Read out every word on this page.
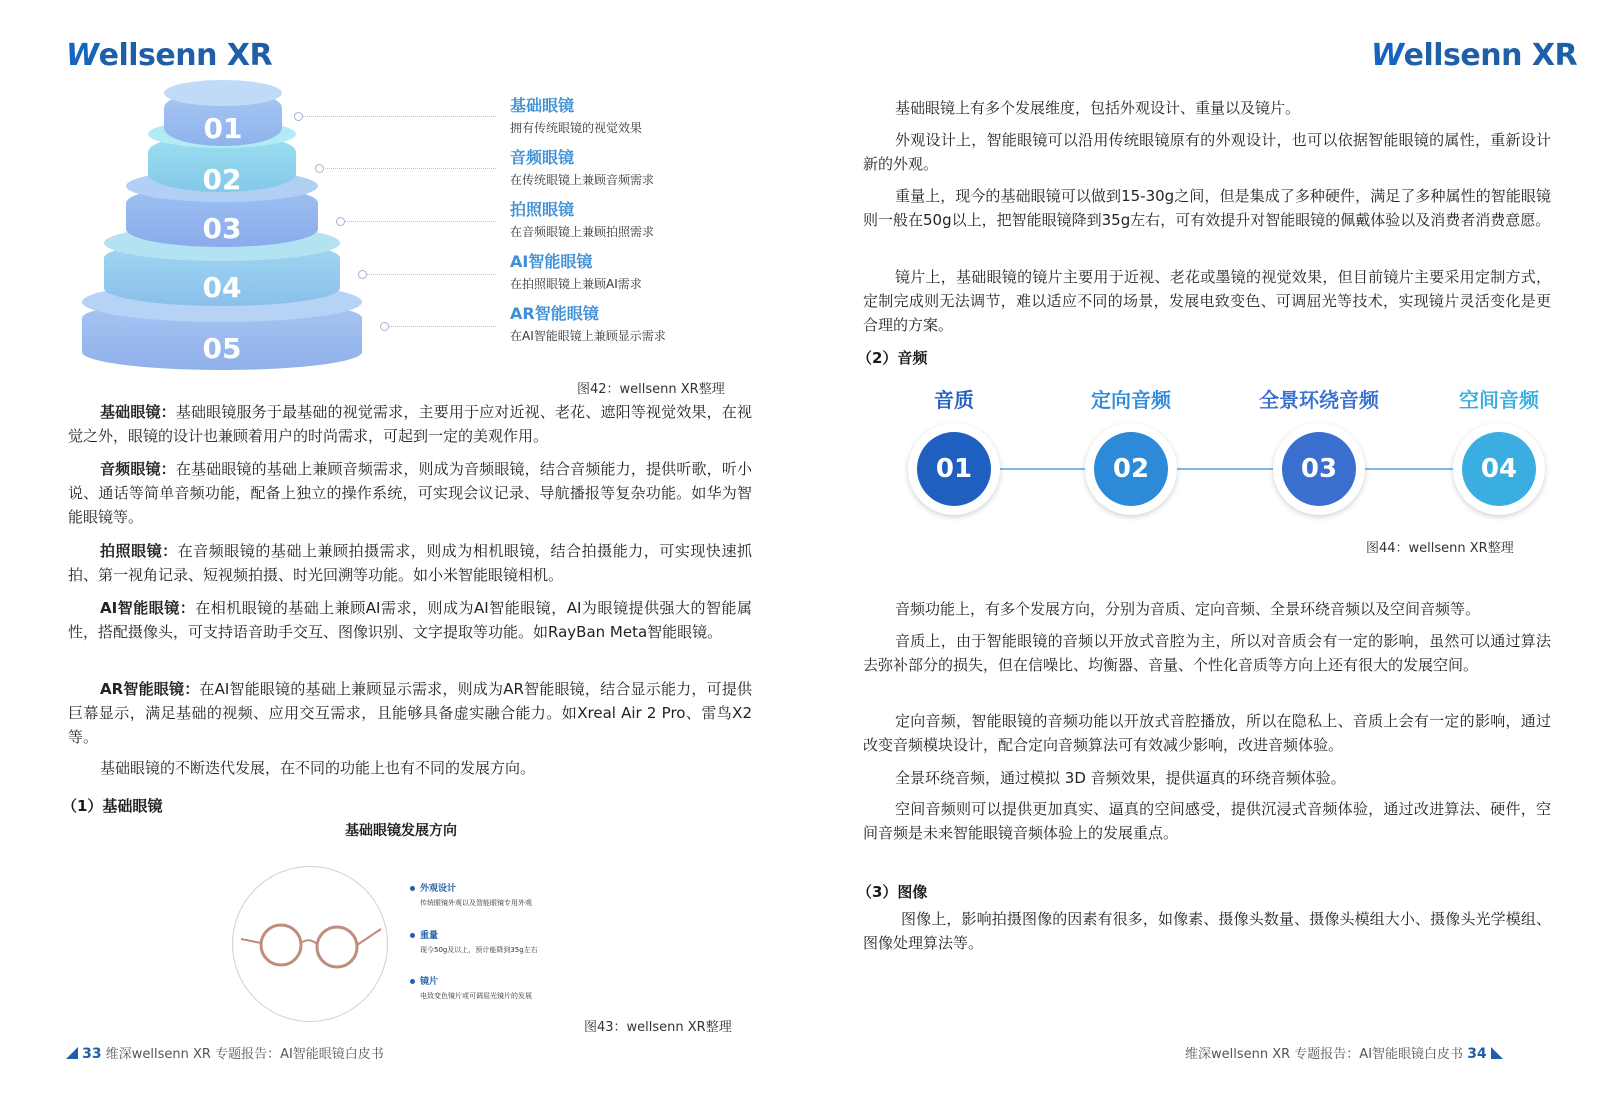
Wellsenn XR
01
02
03
04
05
基础眼镜
拥有传统眼镜的视觉效果
音频眼镜
在传统眼镜上兼顾音频需求
拍照眼镜
在音频眼镜上兼顾拍照需求
AI智能眼镜
在拍照眼镜上兼顾AI需求
AR智能眼镜
在AI智能眼镜上兼顾显示需求

图42：wellsenn XR整理

基础眼镜：基础眼镜服务于最基础的视觉需求，主要用于应对近视、老花、遮阳等视觉效果，在视觉之外，眼镜的设计也兼顾着用户的时尚需求，可起到一定的美观作用。

音频眼镜：在基础眼镜的基础上兼顾音频需求，则成为音频眼镜，结合音频能力，提供听歌，听小说、通话等简单音频功能，配备上独立的操作系统，可实现会议记录、导航播报等复杂功能。如华为智能眼镜等。

拍照眼镜：在音频眼镜的基础上兼顾拍摄需求，则成为相机眼镜，结合拍摄能力，可实现快速抓拍、第一视角记录、短视频拍摄、时光回溯等功能。如小米智能眼镜相机。

AI智能眼镜：在相机眼镜的基础上兼顾AI需求，则成为AI智能眼镜，AI为眼镜提供强大的智能属性，搭配摄像头，可支持语音助手交互、图像识别、文字提取等功能。如RayBan Meta智能眼镜。

AR智能眼镜：在AI智能眼镜的基础上兼顾显示需求，则成为AR智能眼镜，结合显示能力，可提供巨幕显示，满足基础的视频、应用交互需求，且能够具备虚实融合能力。如Xreal Air 2 Pro、雷鸟X2等。

基础眼镜的不断迭代发展，在不同的功能上也有不同的发展方向。

（1）基础眼镜

基础眼镜发展方向

外观设计
传统眼镜外观以及智能眼镜专用外观
重量
现今50g及以上，预计能降到35g左右
镜片
电致变色镜片或可调屈光镜片的发展

图43：wellsenn XR整理

33 维深wellsenn XR 专题报告：AI智能眼镜白皮书
Wellsenn XR

基础眼镜上有多个发展维度，包括外观设计、重量以及镜片。

外观设计上，智能眼镜可以沿用传统眼镜原有的外观设计，也可以依据智能眼镜的属性，重新设计新的外观。

重量上，现今的基础眼镜可以做到15-30g之间，但是集成了多种硬件，满足了多种属性的智能眼镜则一般在50g以上，把智能眼镜降到35g左右，可有效提升对智能眼镜的佩戴体验以及消费者消费意愿。

镜片上，基础眼镜的镜片主要用于近视、老花或墨镜的视觉效果，但目前镜片主要采用定制方式，定制完成则无法调节，难以适应不同的场景，发展电致变色、可调屈光等技术，实现镜片灵活变化是更合理的方案。

（2）音频

音质
01
定向音频
02
全景环绕音频
03
空间音频
04

图44：wellsenn XR整理

音频功能上，有多个发展方向，分别为音质、定向音频、全景环绕音频以及空间音频等。

音质上，由于智能眼镜的音频以开放式音腔为主，所以对音质会有一定的影响，虽然可以通过算法去弥补部分的损失，但在信噪比、均衡器、音量、个性化音质等方向上还有很大的发展空间。

定向音频，智能眼镜的音频功能以开放式音腔播放，所以在隐私上、音质上会有一定的影响，通过改变音频模块设计，配合定向音频算法可有效减少影响，改进音频体验。

全景环绕音频，通过模拟 3D 音频效果，提供逼真的环绕音频体验。

空间音频则可以提供更加真实、逼真的空间感受，提供沉浸式音频体验，通过改进算法、硬件，空间音频是未来智能眼镜音频体验上的发展重点。

（3）图像

图像上，影响拍摄图像的因素有很多，如像素、摄像头数量、摄像头模组大小、摄像头光学模组、图像处理算法等。

维深wellsenn XR 专题报告：AI智能眼镜白皮书 34
